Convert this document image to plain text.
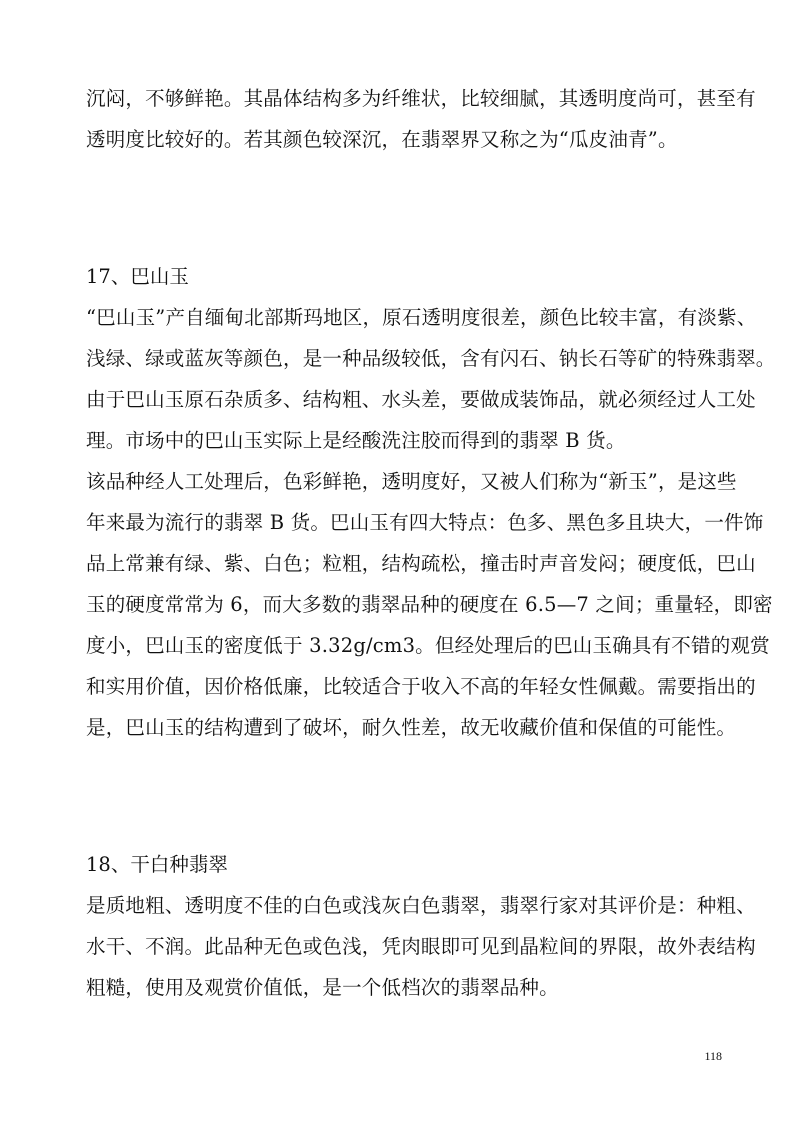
沉闷，不够鲜艳。其晶体结构多为纤维状，比较细腻，其透明度尚可，甚至有
透明度比较好的。若其颜色较深沉，在翡翠界又称之为“瓜皮油青”。
17、巴山玉
“巴山玉”产自缅甸北部斯玛地区，原石透明度很差，颜色比较丰富，有淡紫、
浅绿、绿或蓝灰等颜色，是一种品级较低，含有闪石、钠长石等矿的特殊翡翠。
由于巴山玉原石杂质多、结构粗、水头差，要做成装饰品，就必须经过人工处
理。市场中的巴山玉实际上是经酸洗注胶而得到的翡翠 B 货。
该品种经人工处理后，色彩鲜艳，透明度好，又被人们称为“新玉”，是这些
年来最为流行的翡翠 B 货。巴山玉有四大特点：色多、黑色多且块大，一件饰
品上常兼有绿、紫、白色；粒粗，结构疏松，撞击时声音发闷；硬度低，巴山
玉的硬度常常为 6，而大多数的翡翠品种的硬度在 6.5—7 之间；重量轻，即密
度小，巴山玉的密度低于 3.32g/cm3。但经处理后的巴山玉确具有不错的观赏
和实用价值，因价格低廉，比较适合于收入不高的年轻女性佩戴。需要指出的
是，巴山玉的结构遭到了破坏，耐久性差，故无收藏价值和保值的可能性。
18、干白种翡翠
是质地粗、透明度不佳的白色或浅灰白色翡翠，翡翠行家对其评价是：种粗、
水干、不润。此品种无色或色浅，凭肉眼即可见到晶粒间的界限，故外表结构
粗糙，使用及观赏价值低，是一个低档次的翡翠品种。
118
